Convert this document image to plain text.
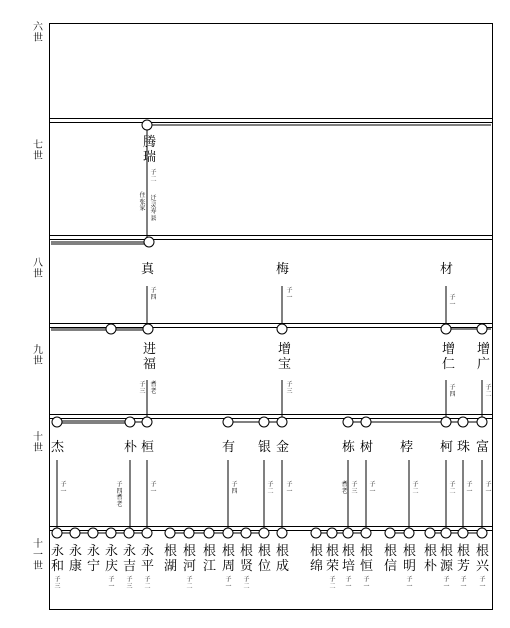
六世
七世
八世
九世
十世
十一世
腾瑞
子二
迁灵寿县
住张家
真
子四
梅
子一
材
子一
进福
子三
耆老
增宝
子三
增仁
子四
增广
子二
杰
子一
朴
子四耆老
桓
子一
有
子四
银
子二
金
子一
栋
耆老
树
子三
子一
桲
子二
柯
子二
珠
子一
富
子一
永和
子三
永康
永宁
永庆
子一
永吉
子三
永平
子二
根湖
根河
子二
根江
根周
子一
根贤
子二
根位
根成
根绵
根荣
子二
根培
子一
根恒
子一
根信
根明
子一
根朴
根源
子一
根芳
子一
根兴
子一
